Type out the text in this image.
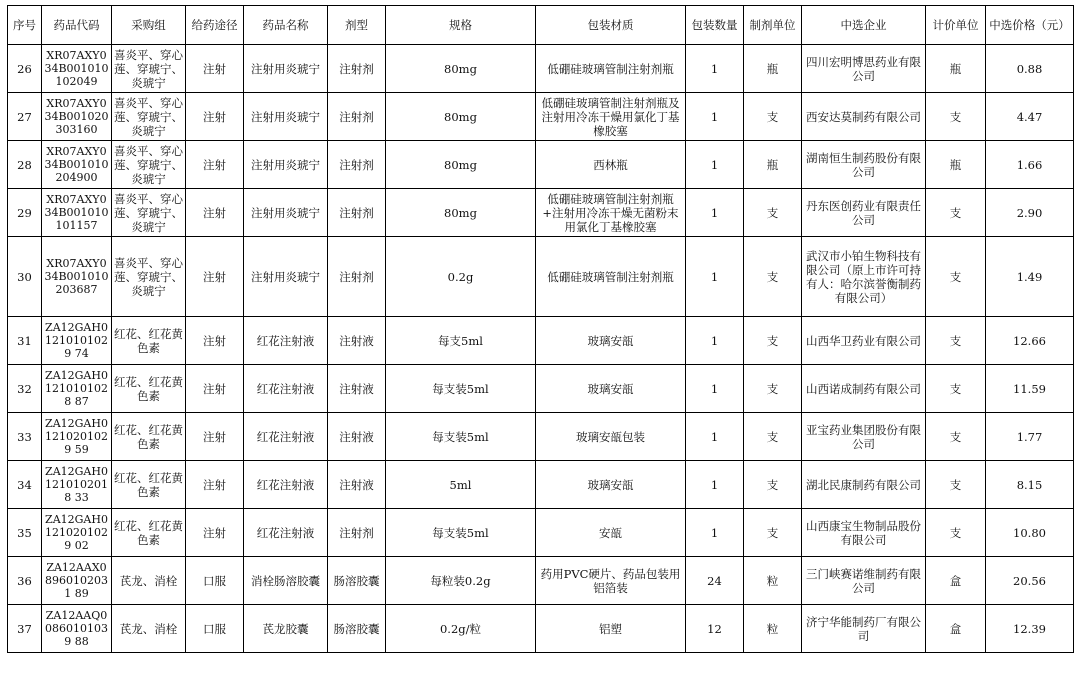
序号	药品代码	采购组	给药途径	药品名称	剂型	规格	包装材质	包装数量	制剂单位	中选企业	计价单位	中选价格（元）
26	XR07AXY034B001010102049	喜炎平、穿心莲、穿琥宁、炎琥宁	注射	注射用炎琥宁	注射剂	80mg	低硼硅玻璃管制注射剂瓶	1	瓶	四川宏明博思药业有限公司	瓶	0.88
27	XR07AXY034B001020303160	喜炎平、穿心莲、穿琥宁、炎琥宁	注射	注射用炎琥宁	注射剂	80mg	低硼硅玻璃管制注射剂瓶及注射用冷冻干燥用氯化丁基橡胶塞	1	支	西安达莫制药有限公司	支	4.47
28	XR07AXY034B001010204900	喜炎平、穿心莲、穿琥宁、炎琥宁	注射	注射用炎琥宁	注射剂	80mg	西林瓶	1	瓶	湖南恒生制药股份有限公司	瓶	1.66
29	XR07AXY034B001010101157	喜炎平、穿心莲、穿琥宁、炎琥宁	注射	注射用炎琥宁	注射剂	80mg	低硼硅玻璃管制注射剂瓶+注射用冷冻干燥无菌粉末用氯化丁基橡胶塞	1	支	丹东医创药业有限责任公司	支	2.90
30	XR07AXY034B001010203687	喜炎平、穿心莲、穿琥宁、炎琥宁	注射	注射用炎琥宁	注射剂	0.2g	低硼硅玻璃管制注射剂瓶	1	支	武汉市小铂生物科技有限公司（原上市许可持有人：哈尔滨誉衡制药有限公司）	支	1.49
31	ZA12GAH01210101029 74	红花、红花黄色素	注射	红花注射液	注射液	每支5ml	玻璃安瓿	1	支	山西华卫药业有限公司	支	12.66
32	ZA12GAH01210101028 87	红花、红花黄色素	注射	红花注射液	注射液	每支装5ml	玻璃安瓿	1	支	山西诺成制药有限公司	支	11.59
33	ZA12GAH01210201029 59	红花、红花黄色素	注射	红花注射液	注射液	每支装5ml	玻璃安瓿包装	1	支	亚宝药业集团股份有限公司	支	1.77
34	ZA12GAH01210102018 33	红花、红花黄色素	注射	红花注射液	注射液	5ml	玻璃安瓿	1	支	湖北民康制药有限公司	支	8.15
35	ZA12GAH01210201029 02	红花、红花黄色素	注射	红花注射液	注射剂	每支装5ml	安瓿	1	支	山西康宝生物制品股份有限公司	支	10.80
36	ZA12AAX08960102031 89	芪龙、消栓	口服	消栓肠溶胶囊	肠溶胶囊	每粒装0.2g	药用PVC硬片、药品包装用铝箔装	24	粒	三门峡赛诺维制药有限公司	盒	20.56
37	ZA12AAQ00860101039 88	芪龙、消栓	口服	芪龙胶囊	肠溶胶囊	0.2g/粒	铝塑	12	粒	济宁华能制药厂有限公司	盒	12.39
